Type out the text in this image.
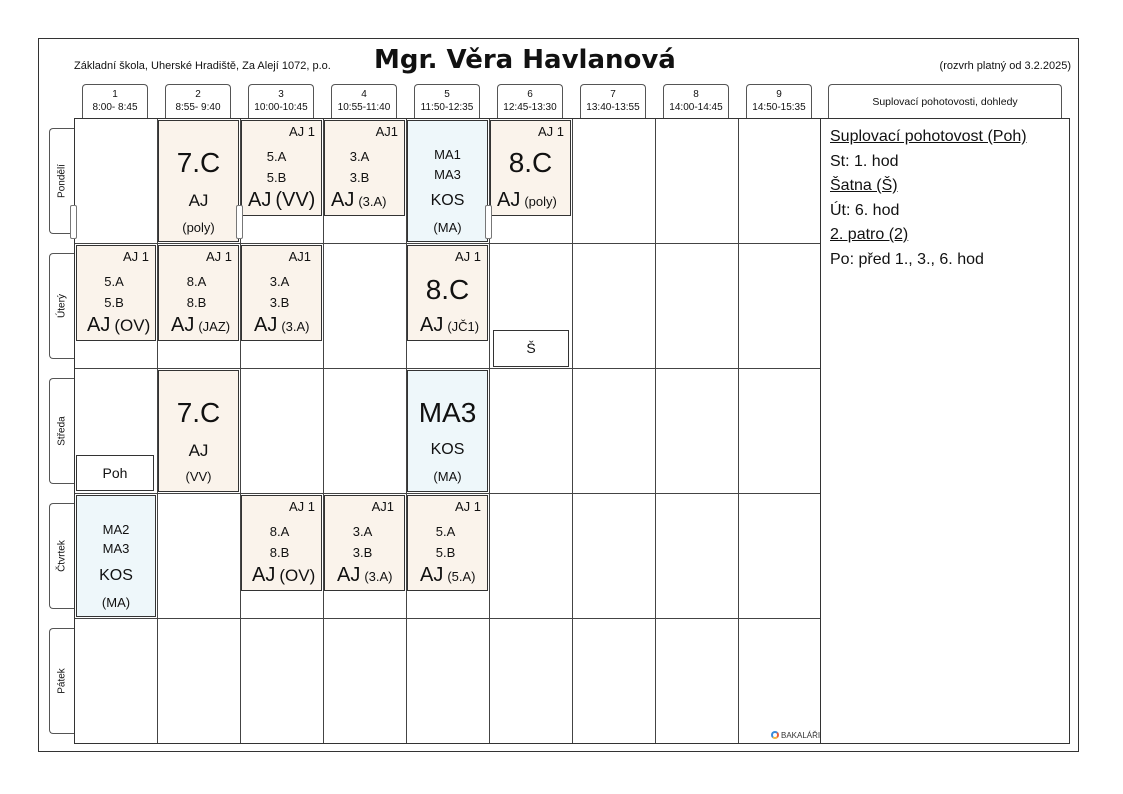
Základní škola, Uherské Hradiště, Za Alejí 1072, p.o. Mgr. Věra Havlanová	(rozvrh platný od 3.2.2025)
1
8:00- 8:45
2
8:55- 9:40
3
10:00-10:45
4
10:55-11:40
5
11:50-12:35
6
12:45-13:30
7
13:40-13:55
8
14:00-14:45
9
14:50-15:35	Suplovací pohotovosti, dohledy
Pondělí
Úterý
Středa
Čtvrtek
Pátek
7.C
AJ
(poly)
AJ 1
5.A
5.B
AJ (VV)
AJ1
3.A
3.B
AJ (3.A)
MA1
MA3
KOS
(MA)
AJ 1
8.C
AJ (poly)
AJ 1
5.A
5.B
AJ (OV)
AJ 1
8.A
8.B
AJ (JAZ)
AJ1
3.A
3.B
AJ (3.A)
AJ 1
8.C
AJ (JČ1)
Š
Poh
7.C
AJ
(VV)
MA3
KOS
(MA)
MA2
MA3
KOS
(MA)
AJ 1
8.A
8.B
AJ (OV)
AJ1
3.A
3.B
AJ (3.A)
AJ 1
5.A
5.B
AJ (5.A)
Suplovací pohotovost (Poh)
St: 1. hod
Šatna (Š)
Út: 6. hod
2. patro (2)
Po: před 1., 3., 6. hod
BAKALÁŘI
